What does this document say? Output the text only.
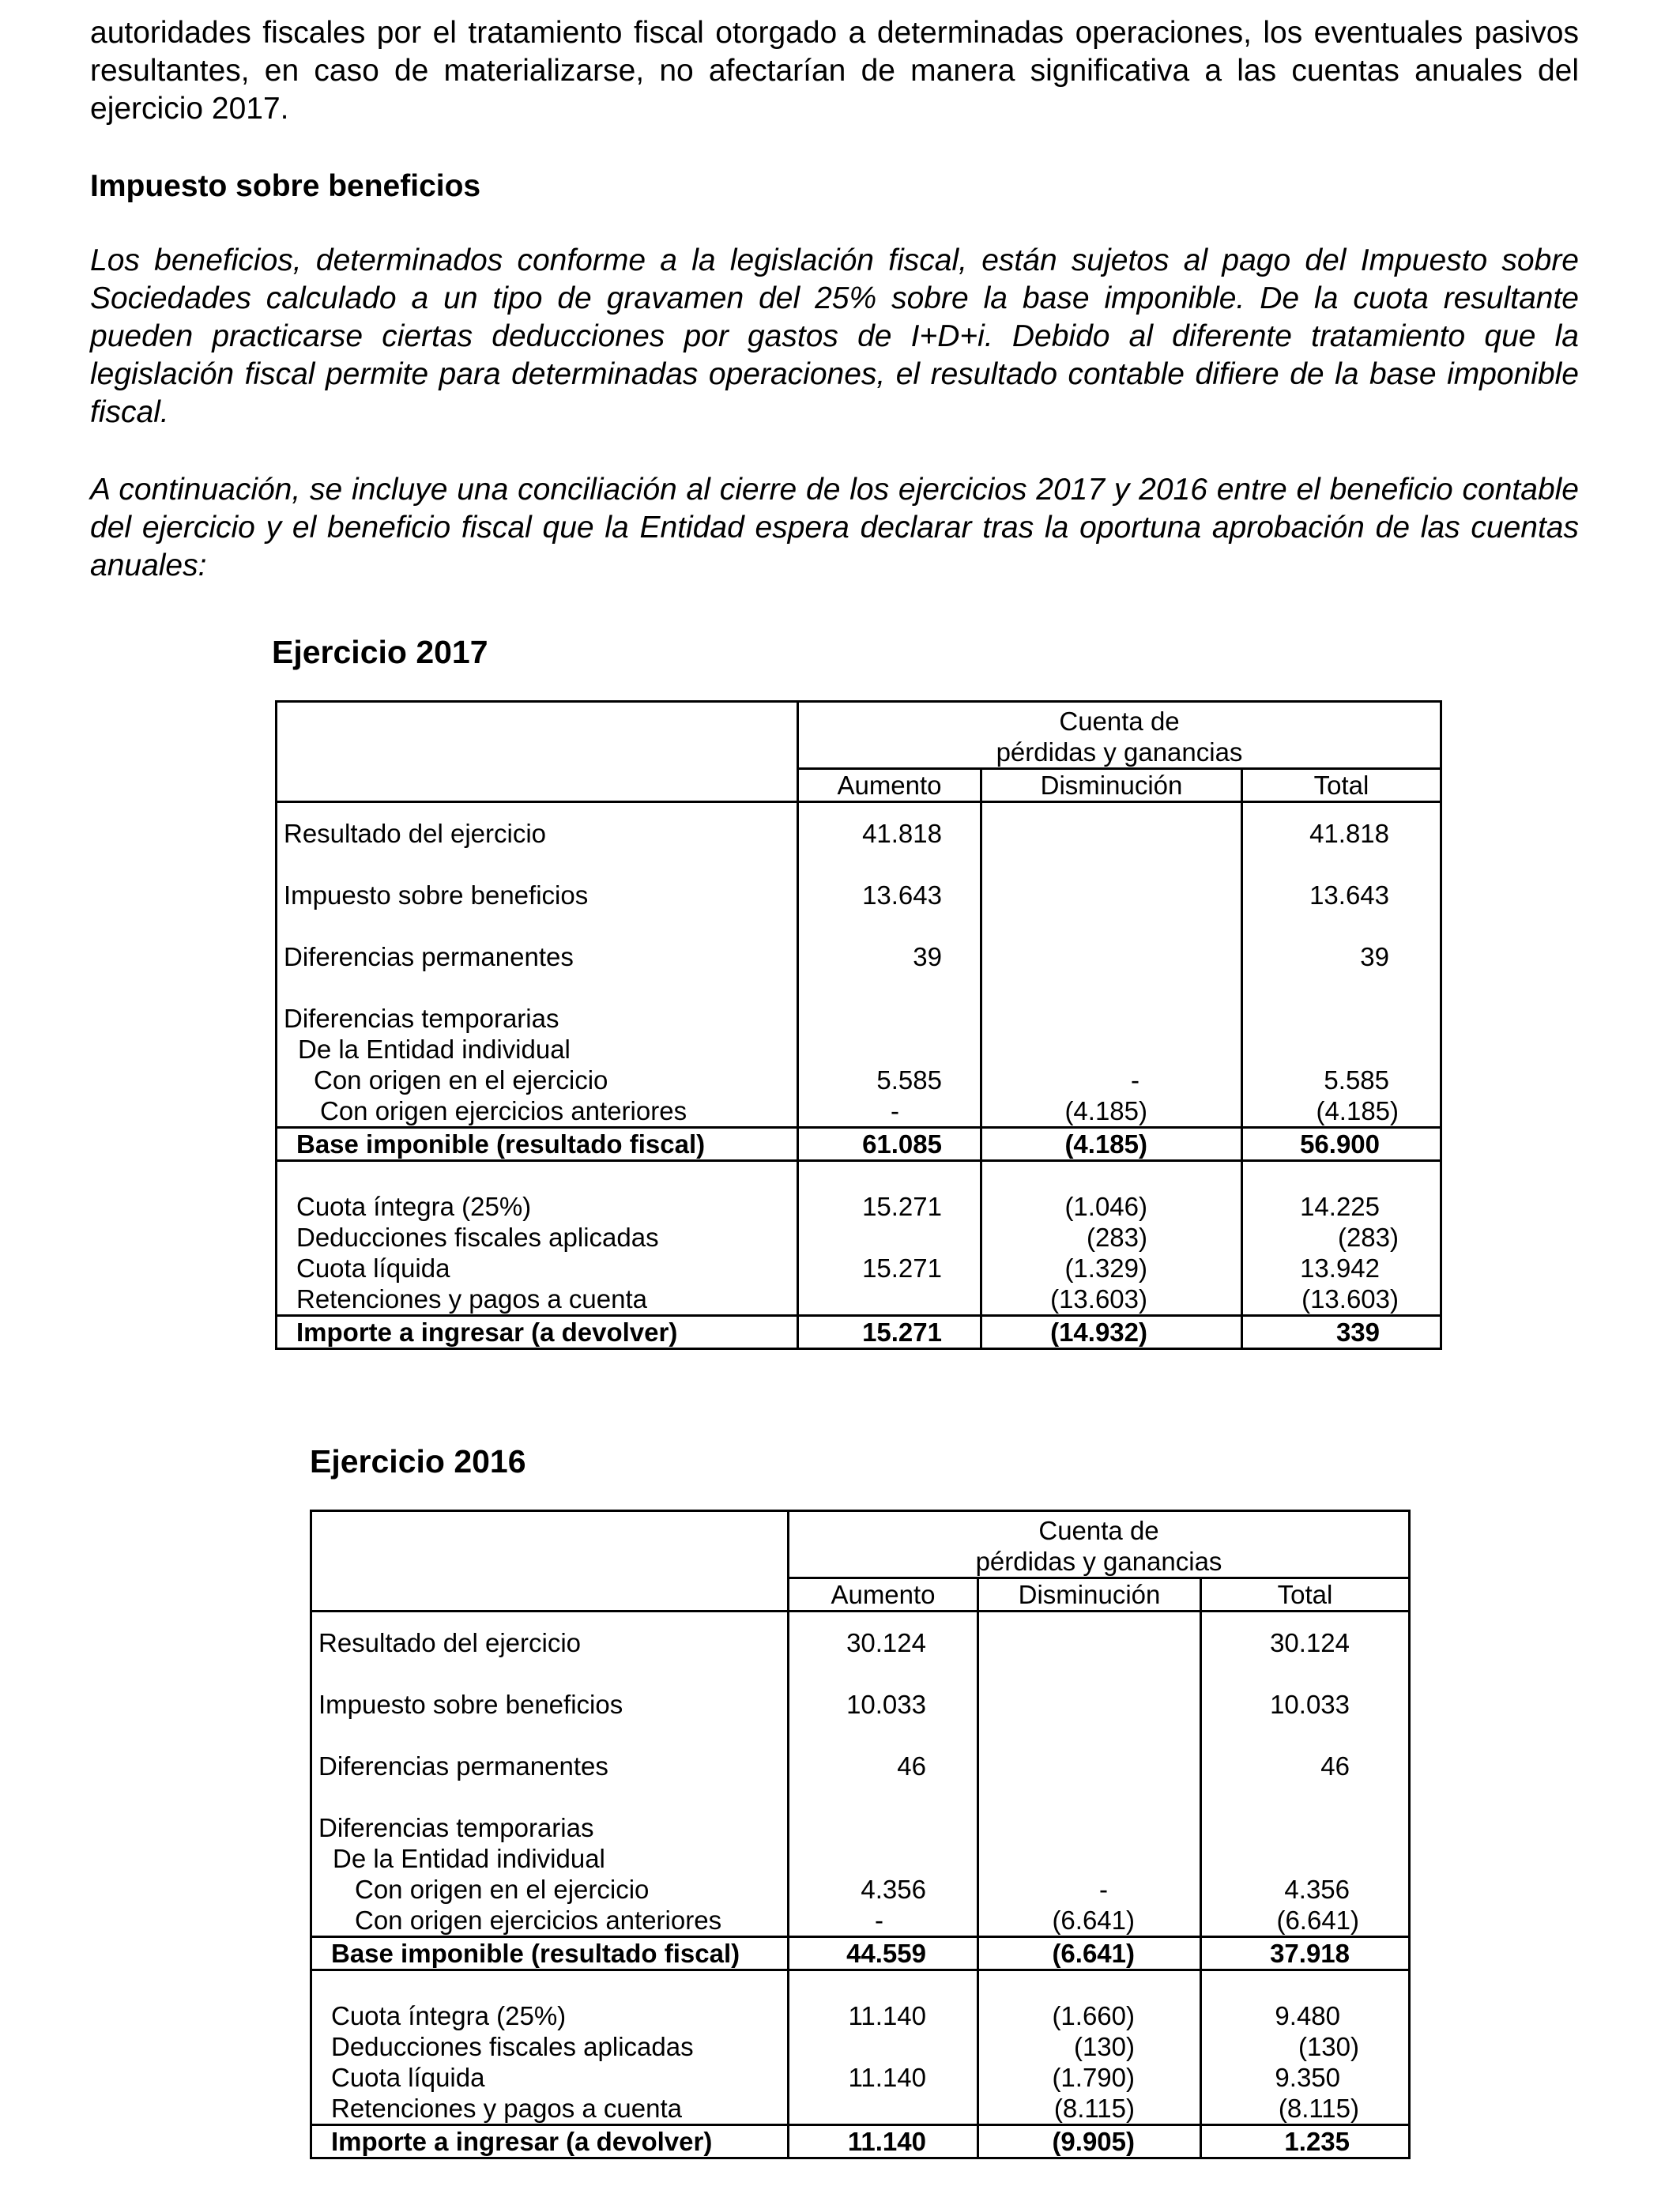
autoridades fiscales por el tratamiento fiscal otorgado a determinadas operaciones, los eventuales pasivos resultantes, en caso de materializarse, no afectarían de manera significativa a las cuentas anuales del ejercicio 2017.

Impuesto sobre beneficios

Los beneficios, determinados conforme a la legislación fiscal, están sujetos al pago del Impuesto sobre Sociedades calculado a un tipo de gravamen del 25% sobre la base imponible. De la cuota resultante pueden practicarse ciertas deducciones por gastos de I+D+i. Debido al diferente tratamiento que la legislación fiscal permite para determinadas operaciones, el resultado contable difiere de la base imponible fiscal.

A continuación, se incluye una conciliación al cierre de los ejercicios 2017 y 2016 entre el beneficio contable del ejercicio y el beneficio fiscal que la Entidad espera declarar tras la oportuna aprobación de las cuentas anuales:

Ejercicio 2017

	Cuenta de
pérdidas y ganancias		

	Aumento	Disminución	Total

Resultado del ejercicio	41.818		41.818

Impuesto sobre beneficios	13.643		13.643

Diferencias permanentes	39		39

Diferencias temporarias			
De la Entidad individual			
Con origen en el ejercicio	5.585	-	5.585
Con origen ejercicios anteriores	-	(4.185)	(4.185)
Base imponible (resultado fiscal)	61.085	(4.185)	56.900

Cuota íntegra (25%)	15.271	(1.046)	14.225
Deducciones fiscales aplicadas		(283)	(283)
Cuota líquida	15.271	(1.329)	13.942
Retenciones y pagos a cuenta		(13.603)	(13.603)
Importe a ingresar (a devolver)	15.271	(14.932)	339

Ejercicio 2016

	Cuenta de
pérdidas y ganancias		

	Aumento	Disminución	Total

Resultado del ejercicio	30.124		30.124

Impuesto sobre beneficios	10.033		10.033

Diferencias permanentes	46		46

Diferencias temporarias			
De la Entidad individual			
Con origen en el ejercicio	4.356	-	4.356
Con origen ejercicios anteriores	-	(6.641)	(6.641)
Base imponible (resultado fiscal)	44.559	(6.641)	37.918

Cuota íntegra (25%)	11.140	(1.660)	9.480
Deducciones fiscales aplicadas		(130)	(130)
Cuota líquida	11.140	(1.790)	9.350
Retenciones y pagos a cuenta		(8.115)	(8.115)
Importe a ingresar (a devolver)	11.140	(9.905)	1.235
